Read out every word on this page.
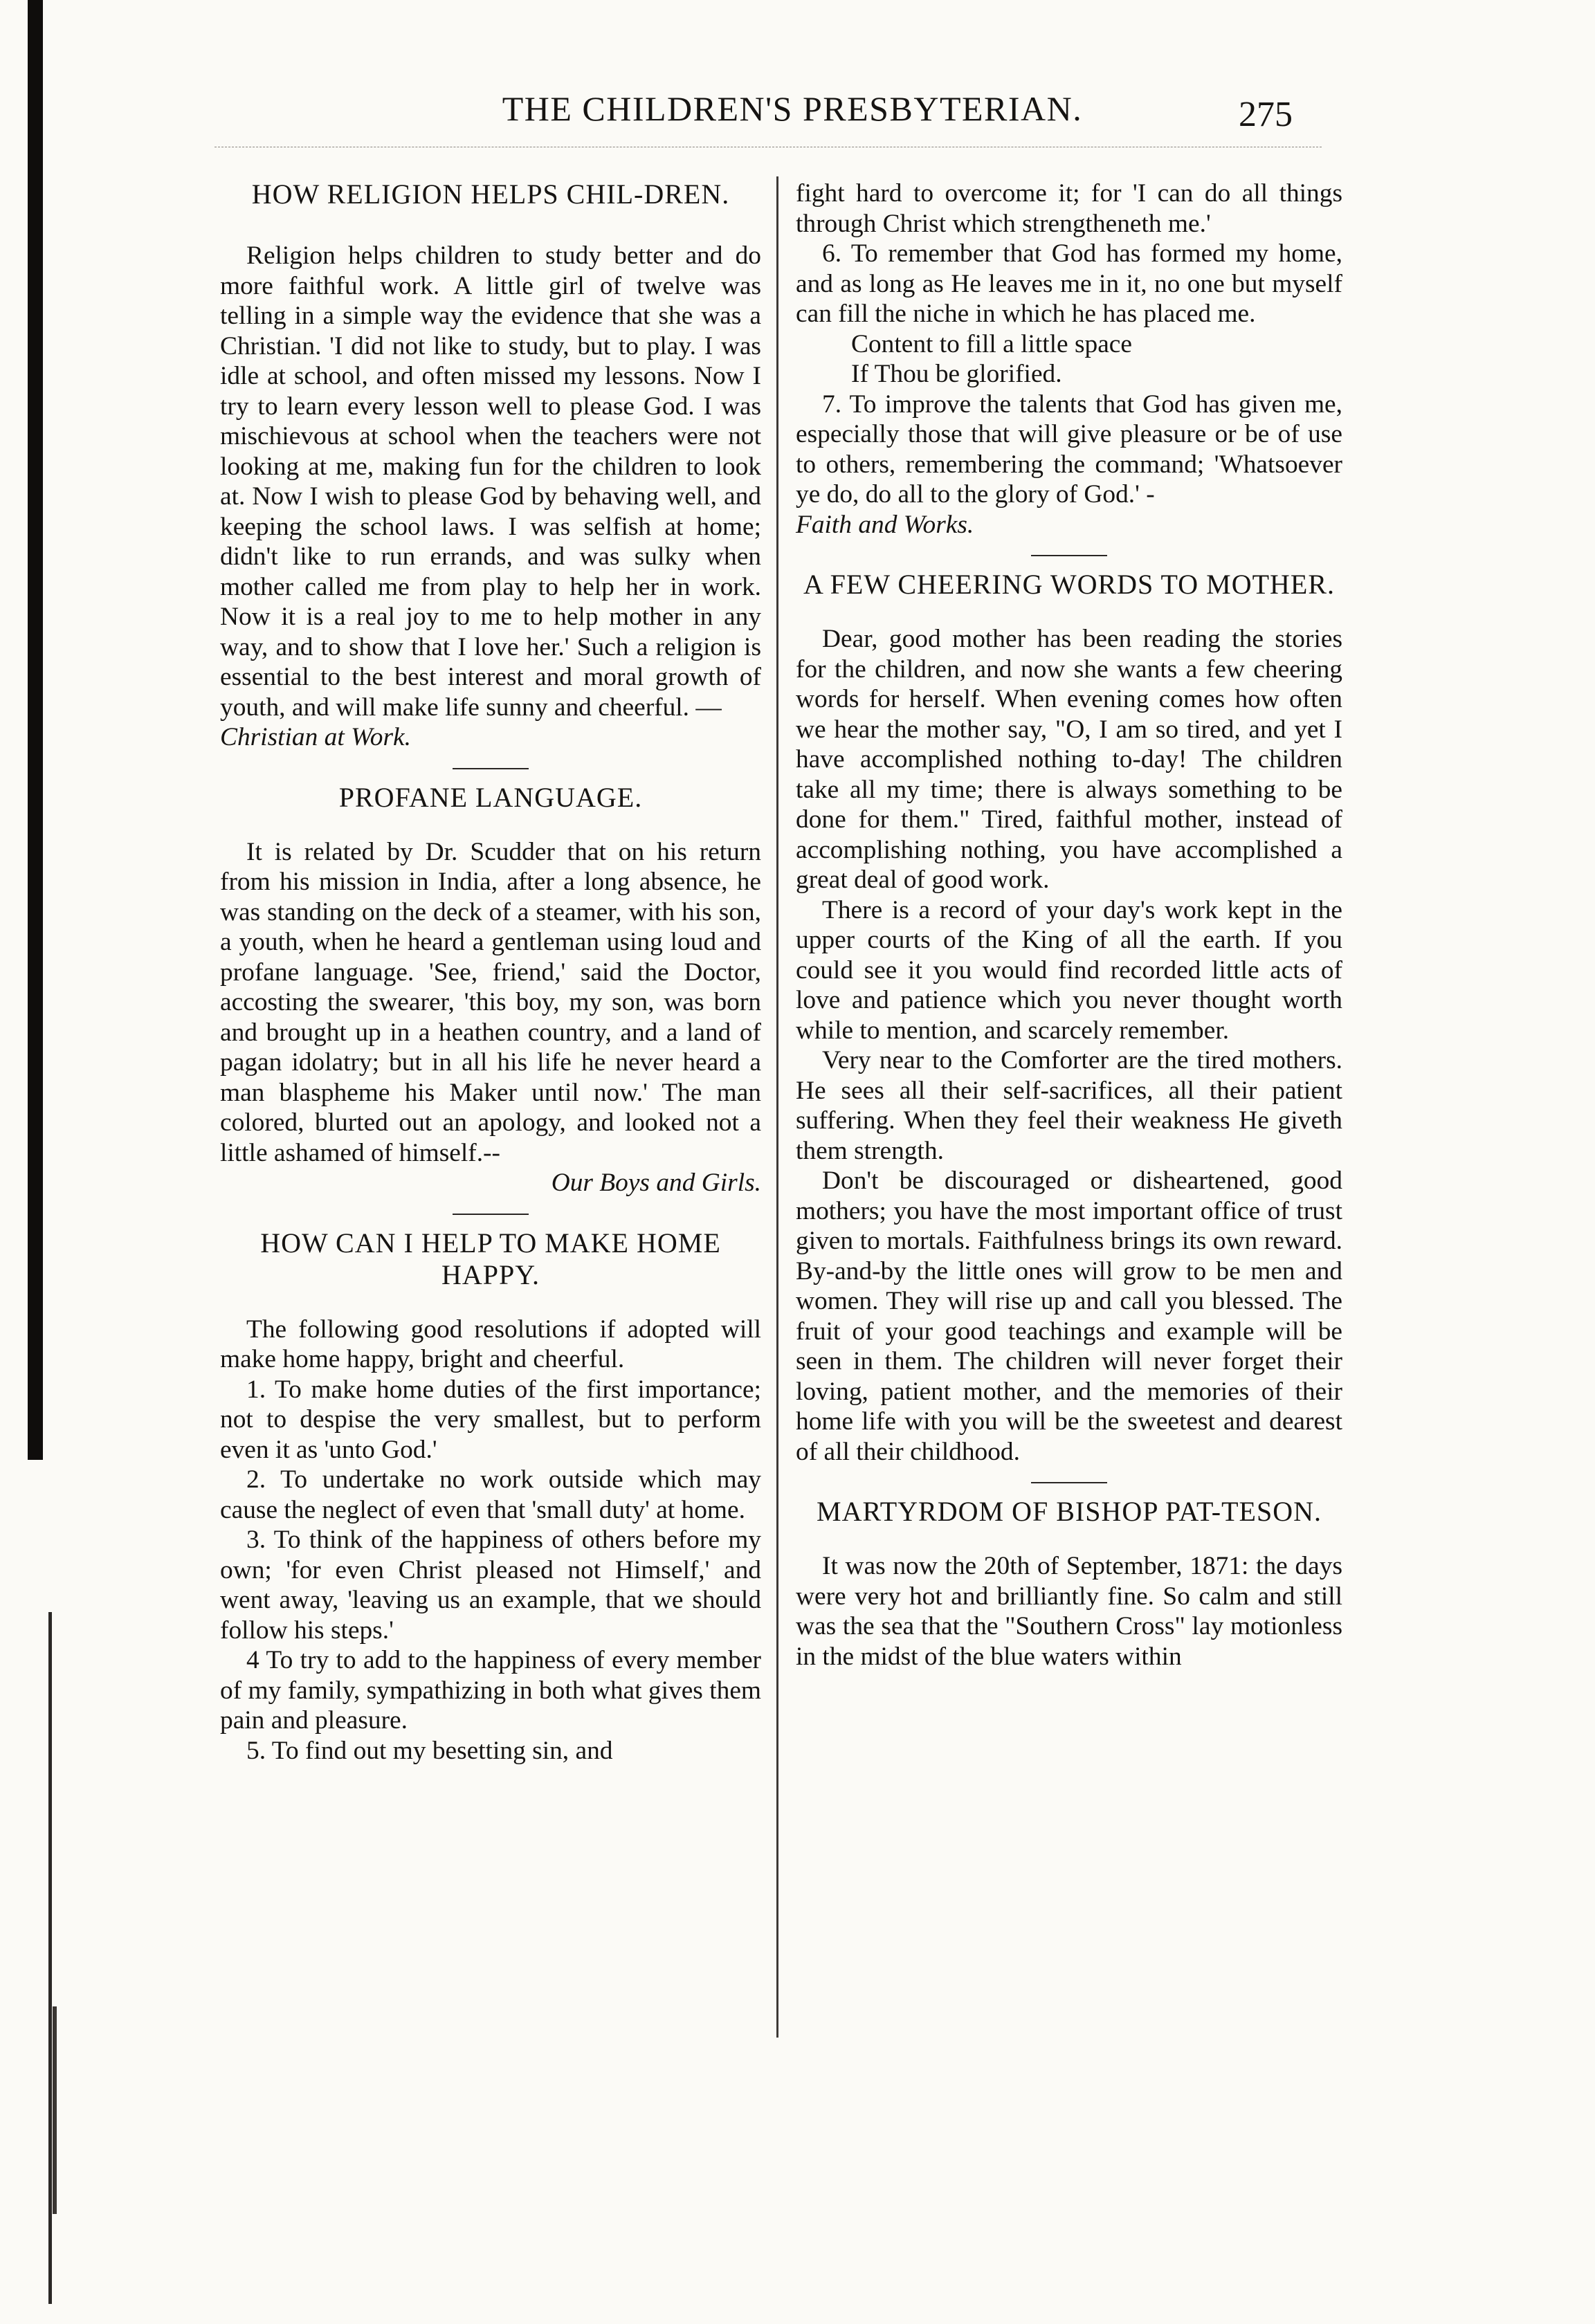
THE CHILDREN'S PRESBYTERIAN.	275
HOW RELIGION HELPS CHIL-DREN.

Religion helps children to study better and do more faithful work. A little girl of twelve was telling in a simple way the evidence that she was a Christian. 'I did not like to study, but to play. I was idle at school, and often missed my lessons. Now I try to learn every lesson well to please God. I was mischievous at school when the teachers were not looking at me, making fun for the children to look at. Now I wish to please God by behaving well, and keeping the school laws. I was selfish at home; didn't like to run errands, and was sulky when mother called me from play to help her in work. Now it is a real joy to me to help mother in any way, and to show that I love her.' Such a religion is essential to the best interest and moral growth of youth, and will make life sunny and cheerful. —

Christian at Work.

PROFANE LANGUAGE.

It is related by Dr. Scudder that on his return from his mission in India, after a long absence, he was standing on the deck of a steamer, with his son, a youth, when he heard a gentleman using loud and profane language. 'See, friend,' said the Doctor, accosting the swearer, 'this boy, my son, was born and brought up in a heathen country, and a land of pagan idolatry; but in all his life he never heard a man blaspheme his Maker until now.' The man colored, blurted out an apology, and looked not a little ashamed of himself.--

Our Boys and Girls.

HOW CAN I HELP TO MAKE HOME HAPPY.

The following good resolutions if adopted will make home happy, bright and cheerful.

1. To make home duties of the first importance; not to despise the very smallest, but to perform even it as 'unto God.'

2. To undertake no work outside which may cause the neglect of even that 'small duty' at home.

3. To think of the happiness of others before my own; 'for even Christ pleased not Himself,' and went away, 'leaving us an example, that we should follow his steps.'

4 To try to add to the happiness of every member of my family, sympathizing in both what gives them pain and pleasure.

5. To find out my besetting sin, and

fight hard to overcome it; for 'I can do all things through Christ which strengtheneth me.'

6. To remember that God has formed my home, and as long as He leaves me in it, no one but myself can fill the niche in which he has placed me.

Content to fill a little space

If Thou be glorified.

7. To improve the talents that God has given me, especially those that will give pleasure or be of use to others, remembering the command; 'Whatsoever ye do, do all to the glory of God.' -

Faith and Works.

A FEW CHEERING WORDS TO MOTHER.

Dear, good mother has been reading the stories for the children, and now she wants a few cheering words for herself. When evening comes how often we hear the mother say, "O, I am so tired, and yet I have accomplished nothing to-day! The children take all my time; there is always something to be done for them." Tired, faithful mother, instead of accomplishing nothing, you have accomplished a great deal of good work.

There is a record of your day's work kept in the upper courts of the King of all the earth. If you could see it you would find recorded little acts of love and patience which you never thought worth while to mention, and scarcely remember.

Very near to the Comforter are the tired mothers. He sees all their self-sacrifices, all their patient suffering. When they feel their weakness He giveth them strength.

Don't be discouraged or disheartened, good mothers; you have the most important office of trust given to mortals. Faithfulness brings its own reward. By-and-by the little ones will grow to be men and women. They will rise up and call you blessed. The fruit of your good teachings and example will be seen in them. The children will never forget their loving, patient mother, and the memories of their home life with you will be the sweetest and dearest of all their childhood.

MARTYRDOM OF BISHOP PAT-TESON.

It was now the 20th of September, 1871: the days were very hot and brilliantly fine. So calm and still was the sea that the "Southern Cross" lay motionless in the midst of the blue waters within
